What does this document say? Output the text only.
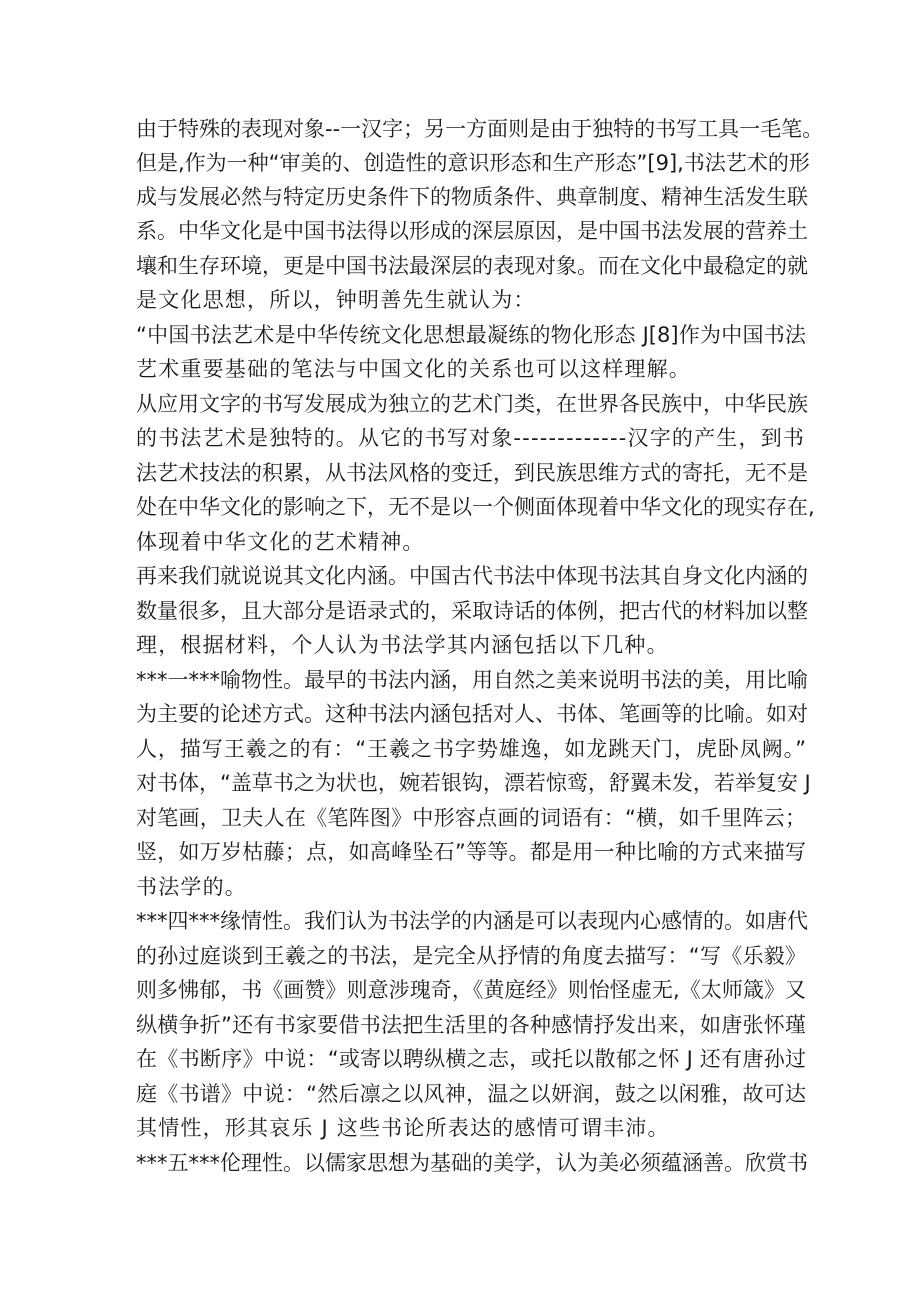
由于特殊的表现对象--一汉字；另一方面则是由于独特的书写工具一毛笔。
但是,作为一种“审美的、创造性的意识形态和生产形态”[9],书法艺术的形
成与发展必然与特定历史条件下的物质条件、典章制度、精神生活发生联
系。中华文化是中国书法得以形成的深层原因，是中国书法发展的营养土
壤和生存环境，更是中国书法最深层的表现对象。而在文化中最稳定的就
是文化思想，所以，钟明善先生就认为：
“中国书法艺术是中华传统文化思想最凝练的物化形态 J[8]作为中国书法
艺术重要基础的笔法与中国文化的关系也可以这样理解。
从应用文字的书写发展成为独立的艺术门类，在世界各民族中，中华民族
的书法艺术是独特的。从它的书写对象-------------汉字的产生，到书
法艺术技法的积累，从书法风格的变迁，到民族思维方式的寄托，无不是
处在中华文化的影响之下，无不是以一个侧面体现着中华文化的现实存在,
体现着中华文化的艺术精神。
再来我们就说说其文化内涵。中国古代书法中体现书法其自身文化内涵的
数量很多，且大部分是语录式的，采取诗话的体例，把古代的材料加以整
理，根据材料，个人认为书法学其内涵包括以下几种。
***一***喻物性。最早的书法内涵，用自然之美来说明书法的美，用比喻
为主要的论述方式。这种书法内涵包括对人、书体、笔画等的比喻。如对
人，描写王羲之的有：“王羲之书字势雄逸，如龙跳天门，虎卧凤阙。”
对书体，“盖草书之为状也，婉若银钩，漂若惊鸾，舒翼未发，若举复安 J
对笔画，卫夫人在《笔阵图》中形容点画的词语有：“横，如千里阵云；
竖，如万岁枯藤；点，如高峰坠石”等等。都是用一种比喻的方式来描写
书法学的。
***四***缘情性。我们认为书法学的内涵是可以表现内心感情的。如唐代
的孙过庭谈到王羲之的书法，是完全从抒情的角度去描写：“写《乐毅》
则多怫郁，书《画赞》则意涉瑰奇，《黄庭经》则怡怪虚无,《太师箴》又
纵横争折”还有书家要借书法把生活里的各种感情抒发出来，如唐张怀瑾
在《书断序》中说：“或寄以聘纵横之志，或托以散郁之怀 J 还有唐孙过
庭《书谱》中说：“然后凛之以风神，温之以妍润，鼓之以闲雅，故可达
其情性，形其哀乐 J 这些书论所表达的感情可谓丰沛。
***五***伦理性。以儒家思想为基础的美学，认为美必须蕴涵善。欣赏书
